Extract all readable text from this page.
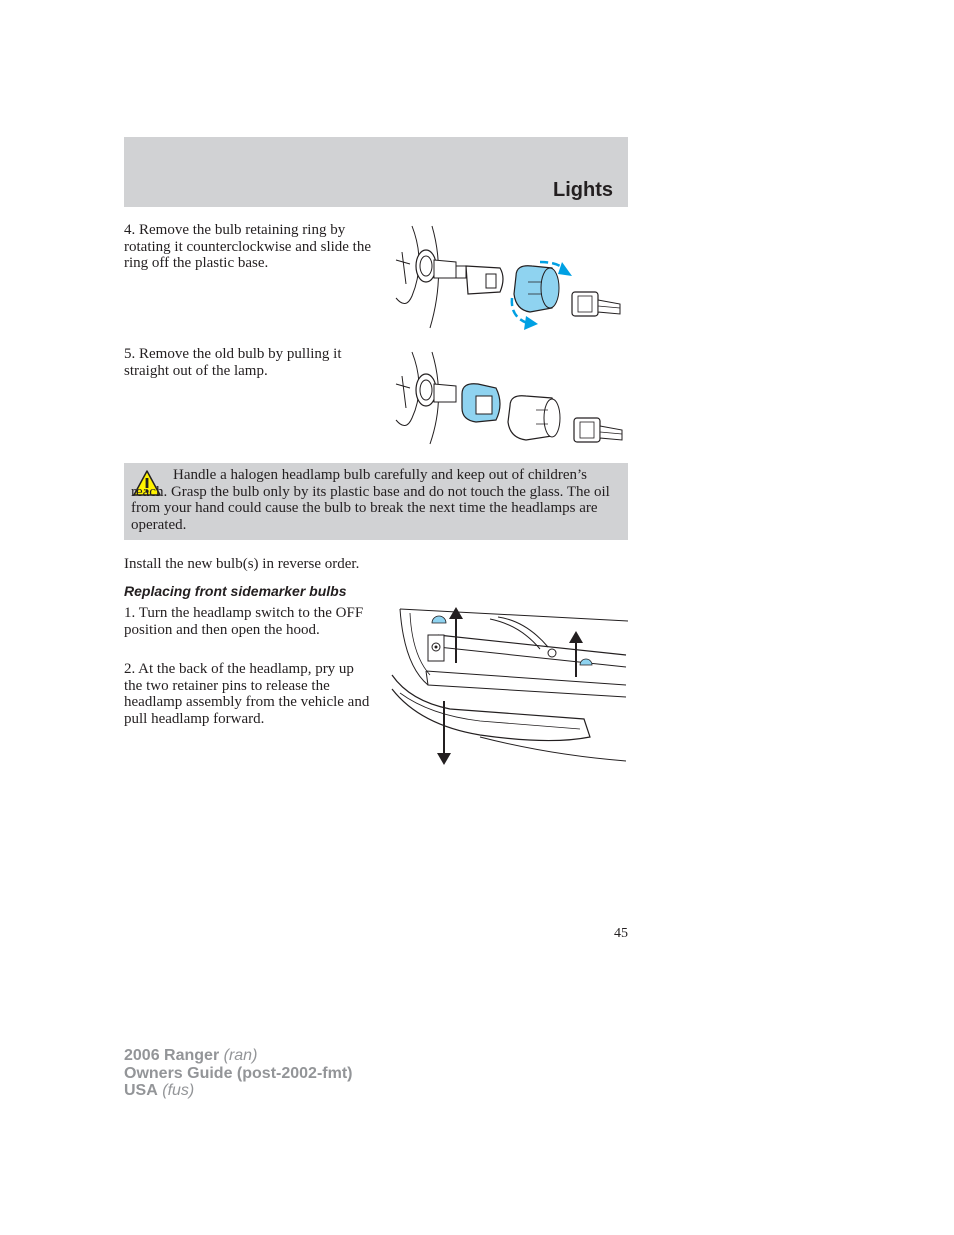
Lights

4. Remove the bulb retaining ring by rotating it counterclockwise and slide the ring off the plastic base.

5. Remove the old bulb by pulling it straight out of the lamp.

Handle a halogen headlamp bulb carefully and keep out of children’s reach. Grasp the bulb only by its plastic base and do not touch the glass. The oil from your hand could cause the bulb to break the next time the headlamps are operated.

Install the new bulb(s) in reverse order.

Replacing front sidemarker bulbs

1. Turn the headlamp switch to the OFF position and then open the hood.

2. At the back of the headlamp, pry up the two retainer pins to release the headlamp assembly from the vehicle and pull headlamp forward.

45
2006 Ranger (ran)
Owners Guide (post-2002-fmt)
USA (fus)
